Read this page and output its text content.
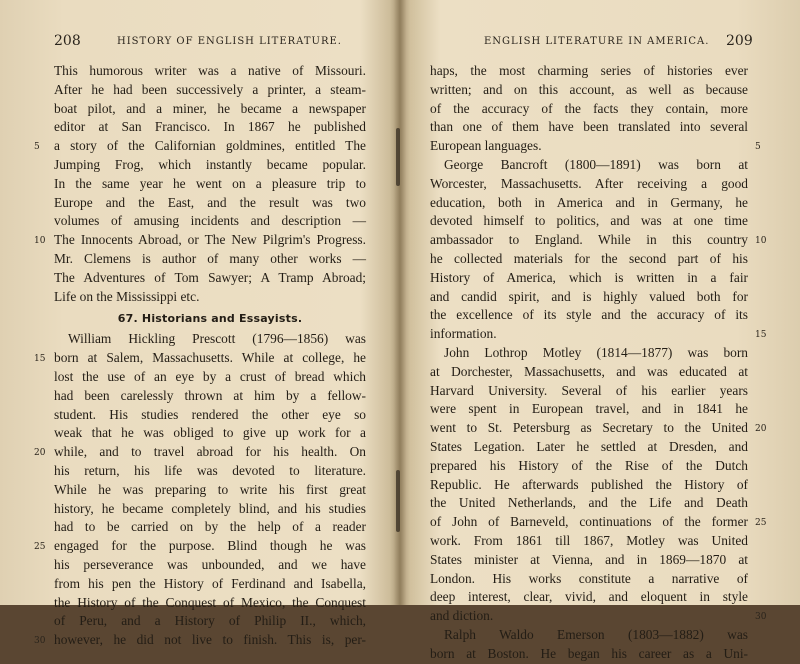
208	HISTORY OF ENGLISH LITERATURE.
This humorous writer was a native of Missouri.
After he had been successively a printer, a steam-
boat pilot, and a miner, he became a newspaper
editor at San Francisco. In 1867 he published
a story of the Californian goldmines, entitled The
Jumping Frog, which instantly became popular.
In the same year he went on a pleasure trip to
Europe and the East, and the result was two
volumes of amusing incidents and description —
The Innocents Abroad, or The New Pilgrim's Progress.
Mr. Clemens is author of many other works —
The Adventures of Tom Sawyer; A Tramp Abroad;
Life on the Mississippi etc.
67. Historians and Essayists.
William Hickling Prescott (1796—1856) was
born at Salem, Massachusetts. While at college, he
lost the use of an eye by a crust of bread which
had been carelessly thrown at him by a fellow-
student. His studies rendered the other eye so
weak that he was obliged to give up work for a
while, and to travel abroad for his health. On
his return, his life was devoted to literature.
While he was preparing to write his first great
history, he became completely blind, and his studies
had to be carried on by the help of a reader
engaged for the purpose. Blind though he was
his perseverance was unbounded, and we have
from his pen the History of Ferdinand and Isabella,
the History of the Conquest of Mexico, the Conquest
of Peru, and a History of Philip II., which,
however, he did not live to finish. This is, per-
5
10
15
20
25
30
ENGLISH LITERATURE IN AMERICA. 209
haps, the most charming series of histories ever
written; and on this account, as well as because
of the accuracy of the facts they contain, more
than one of them have been translated into several
European languages.
George Bancroft (1800—1891) was born at
Worcester, Massachusetts. After receiving a good
education, both in America and in Germany, he
devoted himself to politics, and was at one time
ambassador to England. While in this country
he collected materials for the second part of his
History of America, which is written in a fair
and candid spirit, and is highly valued both for
the excellence of its style and the accuracy of its
information.
John Lothrop Motley (1814—1877) was born
at Dorchester, Massachusetts, and was educated at
Harvard University. Several of his earlier years
were spent in European travel, and in 1841 he
went to St. Petersburg as Secretary to the United
States Legation. Later he settled at Dresden, and
prepared his History of the Rise of the Dutch
Republic. He afterwards published the History of
the United Netherlands, and the Life and Death
of John of Barneveld, continuations of the former
work. From 1861 till 1867, Motley was United
States minister at Vienna, and in 1869—1870 at
London. His works constitute a narrative of
deep interest, clear, vivid, and eloquent in style
and diction.
Ralph Waldo Emerson (1803—1882) was
born at Boston. He began his career as a Uni-
5
10
15
20
25
30
